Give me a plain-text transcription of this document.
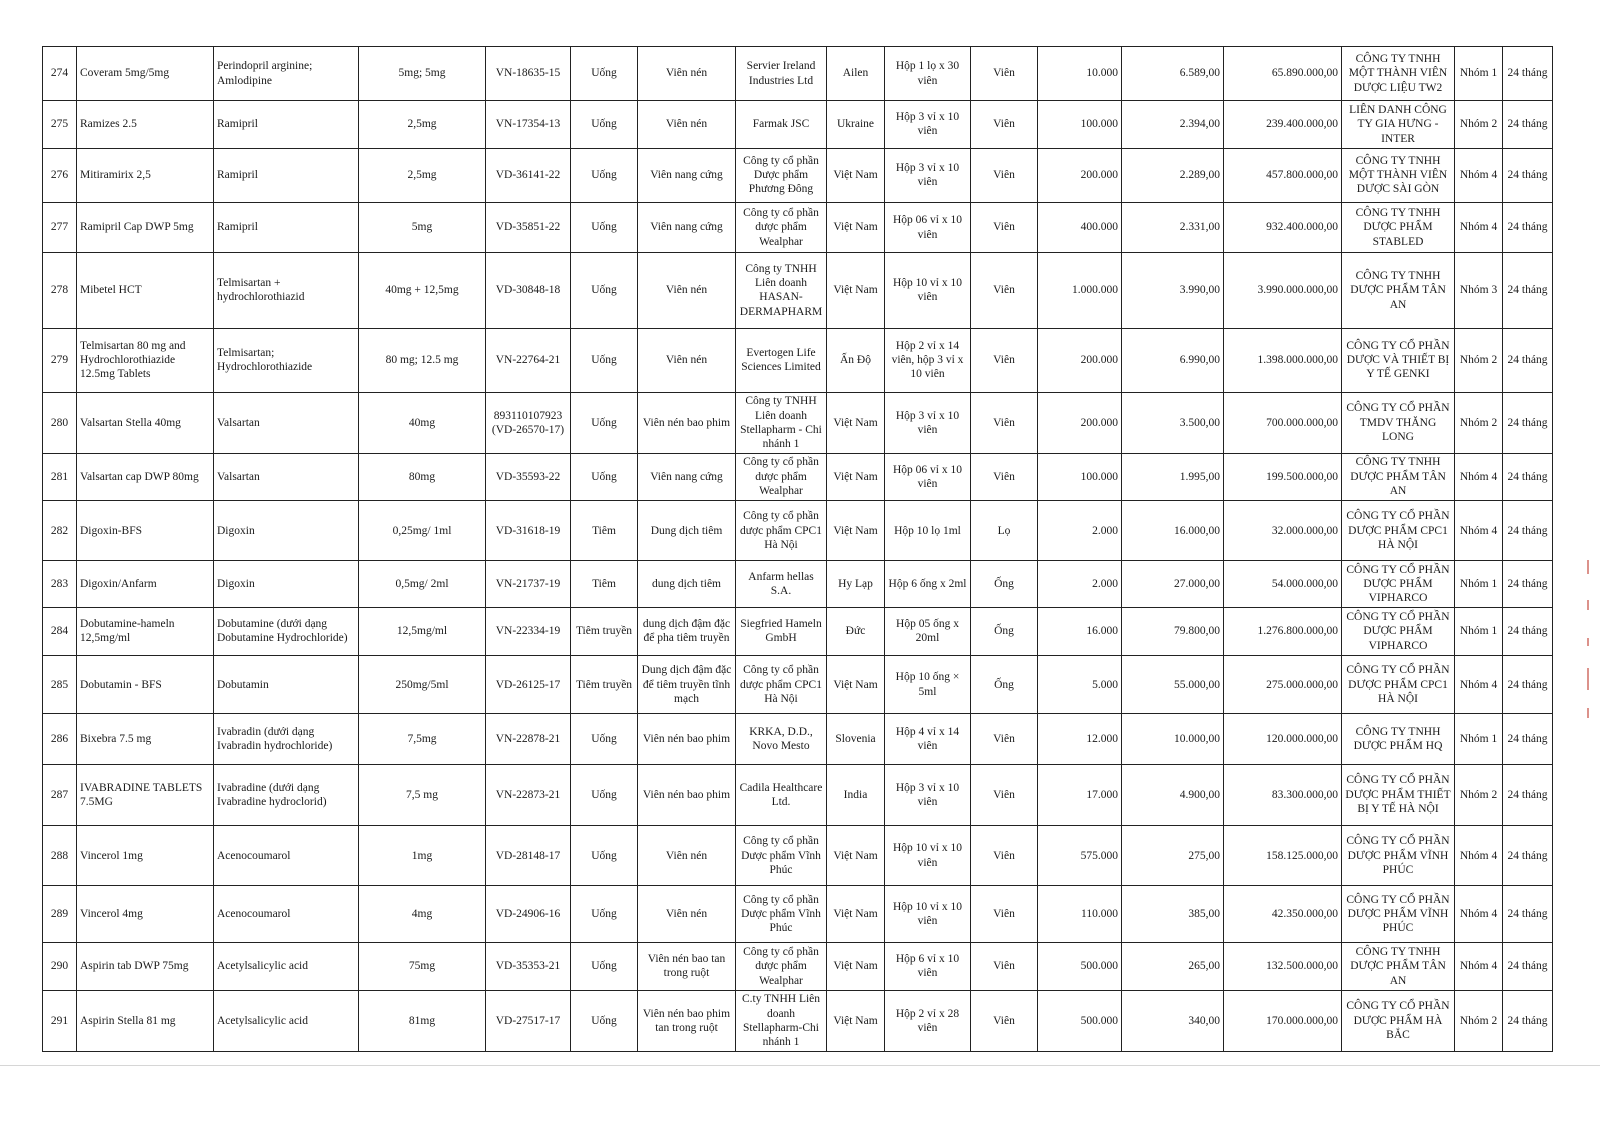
274	Coveram 5mg/5mg	Perindopril arginine; Amlodipine	5mg; 5mg	VN-18635-15	Uống	Viên nén	Servier Ireland Industries Ltd	Ailen	Hộp 1 lọ x 30 viên	Viên	10.000	6.589,00	65.890.000,00	CÔNG TY TNHH MỘT THÀNH VIÊN DƯỢC LIỆU TW2	Nhóm 1	24 tháng
275	Ramizes 2.5	Ramipril	2,5mg	VN-17354-13	Uống	Viên nén	Farmak JSC	Ukraine	Hộp 3 vỉ x 10 viên	Viên	100.000	2.394,00	239.400.000,00	LIÊN DANH CÔNG TY GIA HƯNG - INTER	Nhóm 2	24 tháng
276	Mitiramirix 2,5	Ramipril	2,5mg	VD-36141-22	Uống	Viên nang cứng	Công ty cổ phần Dược phẩm Phương Đông	Việt Nam	Hộp 3 vỉ x 10 viên	Viên	200.000	2.289,00	457.800.000,00	CÔNG TY TNHH MỘT THÀNH VIÊN DƯỢC SÀI GÒN	Nhóm 4	24 tháng
277	Ramipril Cap DWP 5mg	Ramipril	5mg	VD-35851-22	Uống	Viên nang cứng	Công ty cổ phần dược phẩm Wealphar	Việt Nam	Hộp 06 vỉ x 10 viên	Viên	400.000	2.331,00	932.400.000,00	CÔNG TY TNHH DƯỢC PHẨM STABLED	Nhóm 4	24 tháng
278	Mibetel HCT	Telmisartan + hydrochlorothiazid	40mg + 12,5mg	VD-30848-18	Uống	Viên nén	Công ty TNHH Liên doanh HASAN-DERMAPHARM	Việt Nam	Hộp 10 vỉ x 10 viên	Viên	1.000.000	3.990,00	3.990.000.000,00	CÔNG TY TNHH DƯỢC PHẨM TÂN AN	Nhóm 3	24 tháng
279	Telmisartan 80 mg and Hydrochlorothiazide 12.5mg Tablets	Telmisartan; Hydrochlorothiazide	80 mg; 12.5 mg	VN-22764-21	Uống	Viên nén	Evertogen Life Sciences Limited	Ấn Độ	Hộp 2 vỉ x 14 viên, hộp 3 vỉ x 10 viên	Viên	200.000	6.990,00	1.398.000.000,00	CÔNG TY CỔ PHẦN DƯỢC VÀ THIẾT BỊ Y TẾ GENKI	Nhóm 2	24 tháng
280	Valsartan Stella 40mg	Valsartan	40mg	893110107923 (VD-26570-17)	Uống	Viên nén bao phim	Công ty TNHH Liên doanh Stellapharm - Chi nhánh 1	Việt Nam	Hộp 3 vỉ x 10 viên	Viên	200.000	3.500,00	700.000.000,00	CÔNG TY CỔ PHẦN TMDV THĂNG LONG	Nhóm 2	24 tháng
281	Valsartan cap DWP 80mg	Valsartan	80mg	VD-35593-22	Uống	Viên nang cứng	Công ty cổ phần dược phẩm Wealphar	Việt Nam	Hộp 06 vỉ x 10 viên	Viên	100.000	1.995,00	199.500.000,00	CÔNG TY TNHH DƯỢC PHẨM TÂN AN	Nhóm 4	24 tháng
282	Digoxin-BFS	Digoxin	0,25mg/ 1ml	VD-31618-19	Tiêm	Dung dịch tiêm	Công ty cổ phần dược phẩm CPC1 Hà Nội	Việt Nam	Hộp 10 lọ 1ml	Lọ	2.000	16.000,00	32.000.000,00	CÔNG TY CỔ PHẦN DƯỢC PHẨM CPC1 HÀ NỘI	Nhóm 4	24 tháng
283	Digoxin/Anfarm	Digoxin	0,5mg/ 2ml	VN-21737-19	Tiêm	dung dịch tiêm	Anfarm hellas S.A.	Hy Lạp	Hộp 6 ống x 2ml	Ống	2.000	27.000,00	54.000.000,00	CÔNG TY CỔ PHẦN DƯỢC PHẨM VIPHARCO	Nhóm 1	24 tháng
284	Dobutamine-hameln 12,5mg/ml	Dobutamine (dưới dạng Dobutamine Hydrochloride)	12,5mg/ml	VN-22334-19	Tiêm truyền	dung dịch đậm đặc để pha tiêm truyền	Siegfried Hameln GmbH	Đức	Hộp 05 ống x 20ml	Ống	16.000	79.800,00	1.276.800.000,00	CÔNG TY CỔ PHẦN DƯỢC PHẨM VIPHARCO	Nhóm 1	24 tháng
285	Dobutamin - BFS	Dobutamin	250mg/5ml	VD-26125-17	Tiêm truyền	Dung dịch đậm đặc để tiêm truyền tĩnh mạch	Công ty cổ phần dược phẩm CPC1 Hà Nội	Việt Nam	Hộp 10 ống × 5ml	Ống	5.000	55.000,00	275.000.000,00	CÔNG TY CỔ PHẦN DƯỢC PHẨM CPC1 HÀ NỘI	Nhóm 4	24 tháng
286	Bixebra 7.5 mg	Ivabradin (dưới dạng Ivabradin hydrochloride)	7,5mg	VN-22878-21	Uống	Viên nén bao phim	KRKA, D.D., Novo Mesto	Slovenia	Hộp 4 vỉ x 14 viên	Viên	12.000	10.000,00	120.000.000,00	CÔNG TY TNHH DƯỢC PHẨM HQ	Nhóm 1	24 tháng
287	IVABRADINE TABLETS 7.5MG	Ivabradine (dưới dạng Ivabradine hydroclorid)	7,5 mg	VN-22873-21	Uống	Viên nén bao phim	Cadila Healthcare Ltd.	India	Hộp 3 vỉ x 10 viên	Viên	17.000	4.900,00	83.300.000,00	CÔNG TY CỔ PHẦN DƯỢC PHẨM THIẾT BỊ Y TẾ HÀ NỘI	Nhóm 2	24 tháng
288	Vincerol 1mg	Acenocoumarol	1mg	VD-28148-17	Uống	Viên nén	Công ty cổ phần Dược phẩm Vĩnh Phúc	Việt Nam	Hộp 10 vỉ x 10 viên	Viên	575.000	275,00	158.125.000,00	CÔNG TY CỔ PHẦN DƯỢC PHẨM VĨNH PHÚC	Nhóm 4	24 tháng
289	Vincerol 4mg	Acenocoumarol	4mg	VD-24906-16	Uống	Viên nén	Công ty cổ phần Dược phẩm Vĩnh Phúc	Việt Nam	Hộp 10 vỉ x 10 viên	Viên	110.000	385,00	42.350.000,00	CÔNG TY CỔ PHẦN DƯỢC PHẨM VĨNH PHÚC	Nhóm 4	24 tháng
290	Aspirin tab DWP 75mg	Acetylsalicylic acid	75mg	VD-35353-21	Uống	Viên nén bao tan trong ruột	Công ty cổ phần dược phẩm Wealphar	Việt Nam	Hộp 6 vỉ x 10 viên	Viên	500.000	265,00	132.500.000,00	CÔNG TY TNHH DƯỢC PHẨM TÂN AN	Nhóm 4	24 tháng
291	Aspirin Stella 81 mg	Acetylsalicylic acid	81mg	VD-27517-17	Uống	Viên nén bao phim tan trong ruột	C.ty TNHH Liên doanh Stellapharm-Chi nhánh 1	Việt Nam	Hộp 2 vỉ x 28 viên	Viên	500.000	340,00	170.000.000,00	CÔNG TY CỔ PHẦN DƯỢC PHẨM HÀ BẮC	Nhóm 2	24 tháng
